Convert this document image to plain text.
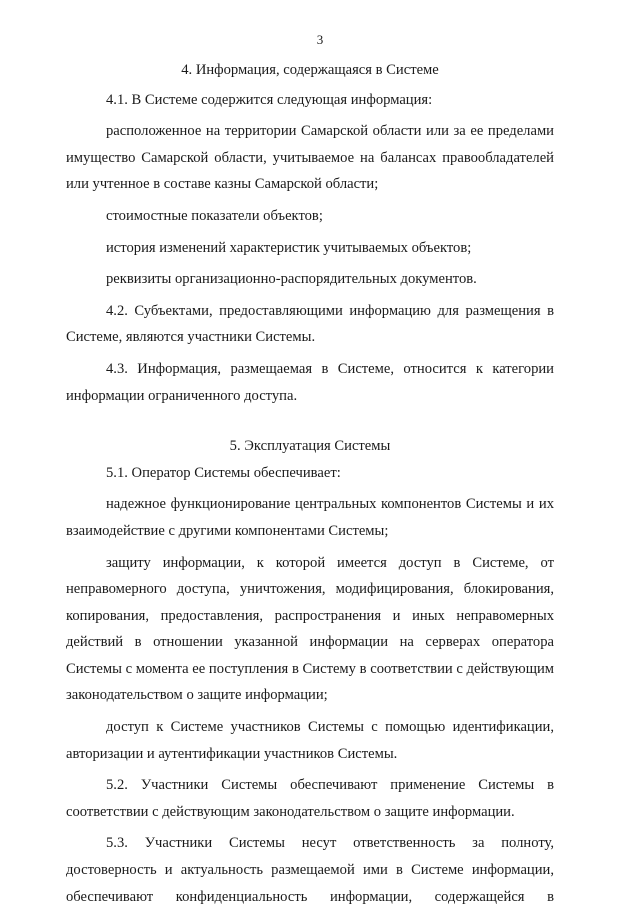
3
4. Информация, содержащаяся в Системе

4.1. В Системе содержится следующая информация:

расположенное на территории Самарской области или за ее пределами имущество Самарской области, учитываемое на балансах правообладателей или учтенное в составе казны Самарской области;

стоимостные показатели объектов;

история изменений характеристик учитываемых объектов;

реквизиты организационно-распорядительных документов.

4.2. Субъектами, предоставляющими информацию для размещения в Системе, являются участники Системы.

4.3. Информация, размещаемая в Системе, относится к категории информации ограниченного доступа.

5. Эксплуатация Системы

5.1. Оператор Системы обеспечивает:

надежное функционирование центральных компонентов Системы и их взаимодействие с другими компонентами Системы;

защиту информации, к которой имеется доступ в Системе, от неправомерного доступа, уничтожения, модифицирования, блокирования, копирования, предоставления, распространения и иных неправомерных действий в отношении указанной информации на серверах оператора Системы с момента ее поступления в Систему в соответствии с действующим законодательством о защите информации;

доступ к Системе участников Системы с помощью идентификации, авторизации и аутентификации участников Системы.

5.2. Участники Системы обеспечивают применение Системы в соответствии с действующим законодательством о защите информации.

5.3. Участники Системы несут ответственность за полноту, достоверность и актуальность размещаемой ими в Системе информации, обеспечивают конфиденциальность информации, содержащейся в
